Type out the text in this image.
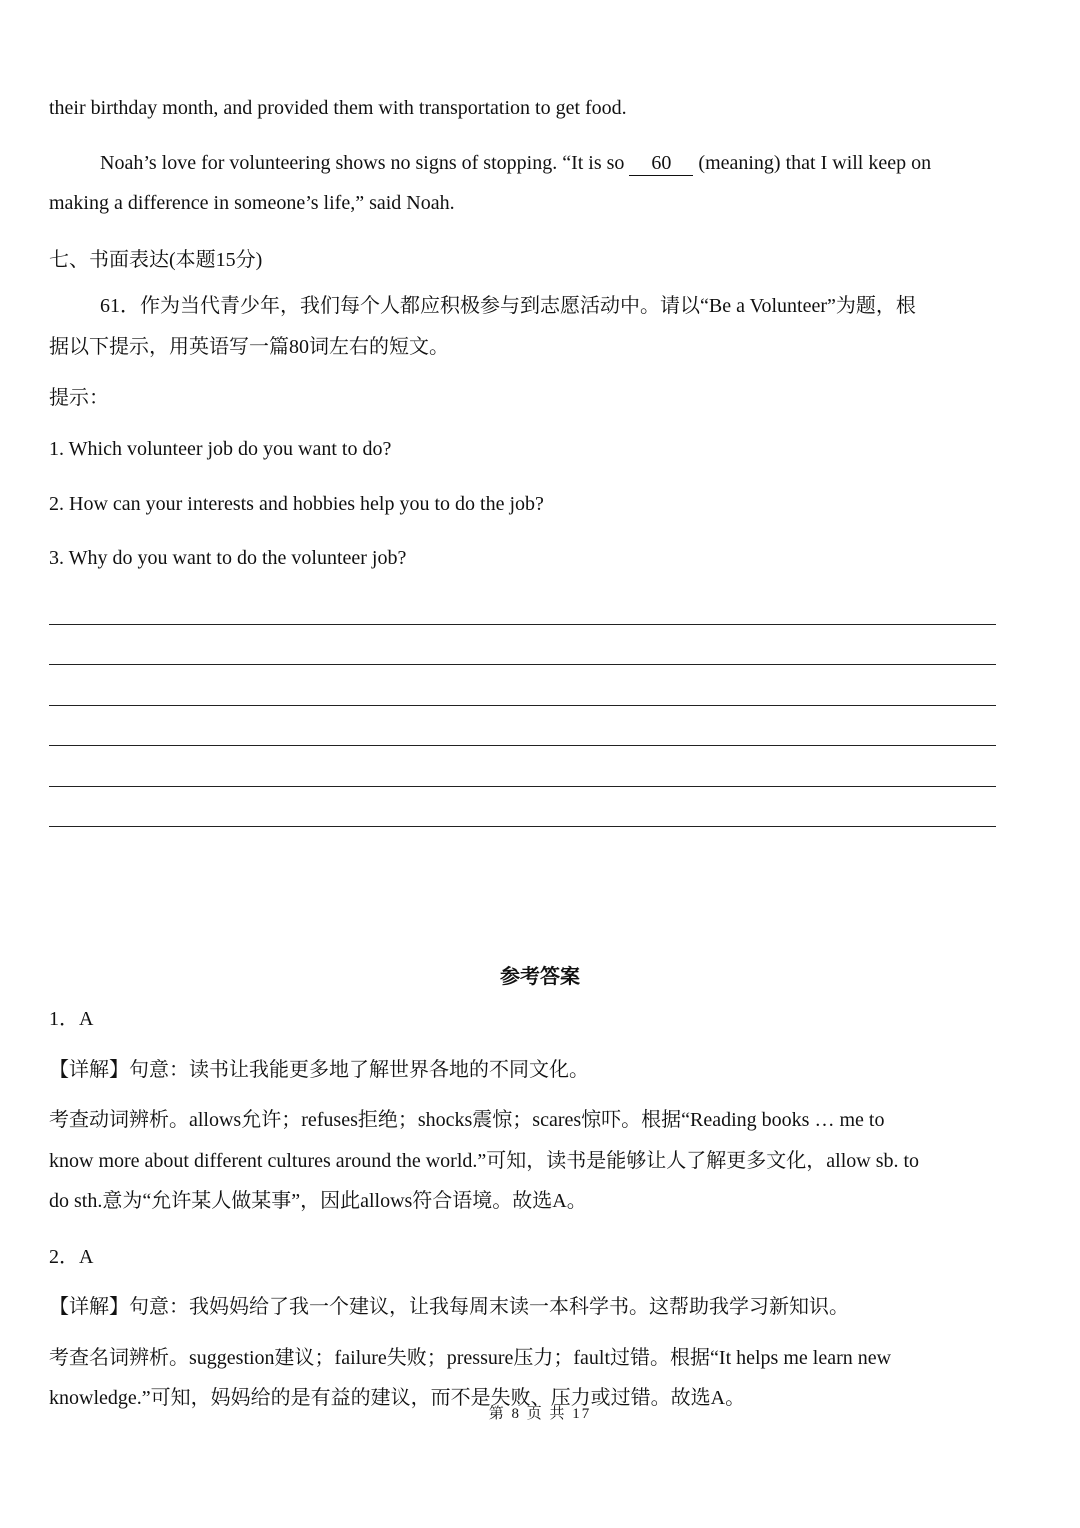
their birthday month, and provided them with transportation to get food.
Noah’s love for volunteering shows no signs of stopping. “It is so 60 (meaning) that I will keep on
making a difference in someone’s life,” said Noah.
七、书面表达(本题15分)
61．作为当代青少年，我们每个人都应积极参与到志愿活动中。请以“Be a Volunteer”为题，根
据以下提示，用英语写一篇80词左右的短文。
提示：
1. Which volunteer job do you want to do?
2. How can your interests and hobbies help you to do the job?
3. Why do you want to do the volunteer job?
参考答案
1．A
【详解】句意：读书让我能更多地了解世界各地的不同文化。
考查动词辨析。allows允许；refuses拒绝；shocks震惊；scares惊吓。根据“Reading books … me to
know more about different cultures around the world.”可知，读书是能够让人了解更多文化，allow sb. to
do sth.意为“允许某人做某事”，因此allows符合语境。故选A。
2．A
【详解】句意：我妈妈给了我一个建议，让我每周末读一本科学书。这帮助我学习新知识。
考查名词辨析。suggestion建议；failure失败；pressure压力；fault过错。根据“It helps me learn new
knowledge.”可知，妈妈给的是有益的建议，而不是失败、压力或过错。故选A。
第 8 页 共 17
